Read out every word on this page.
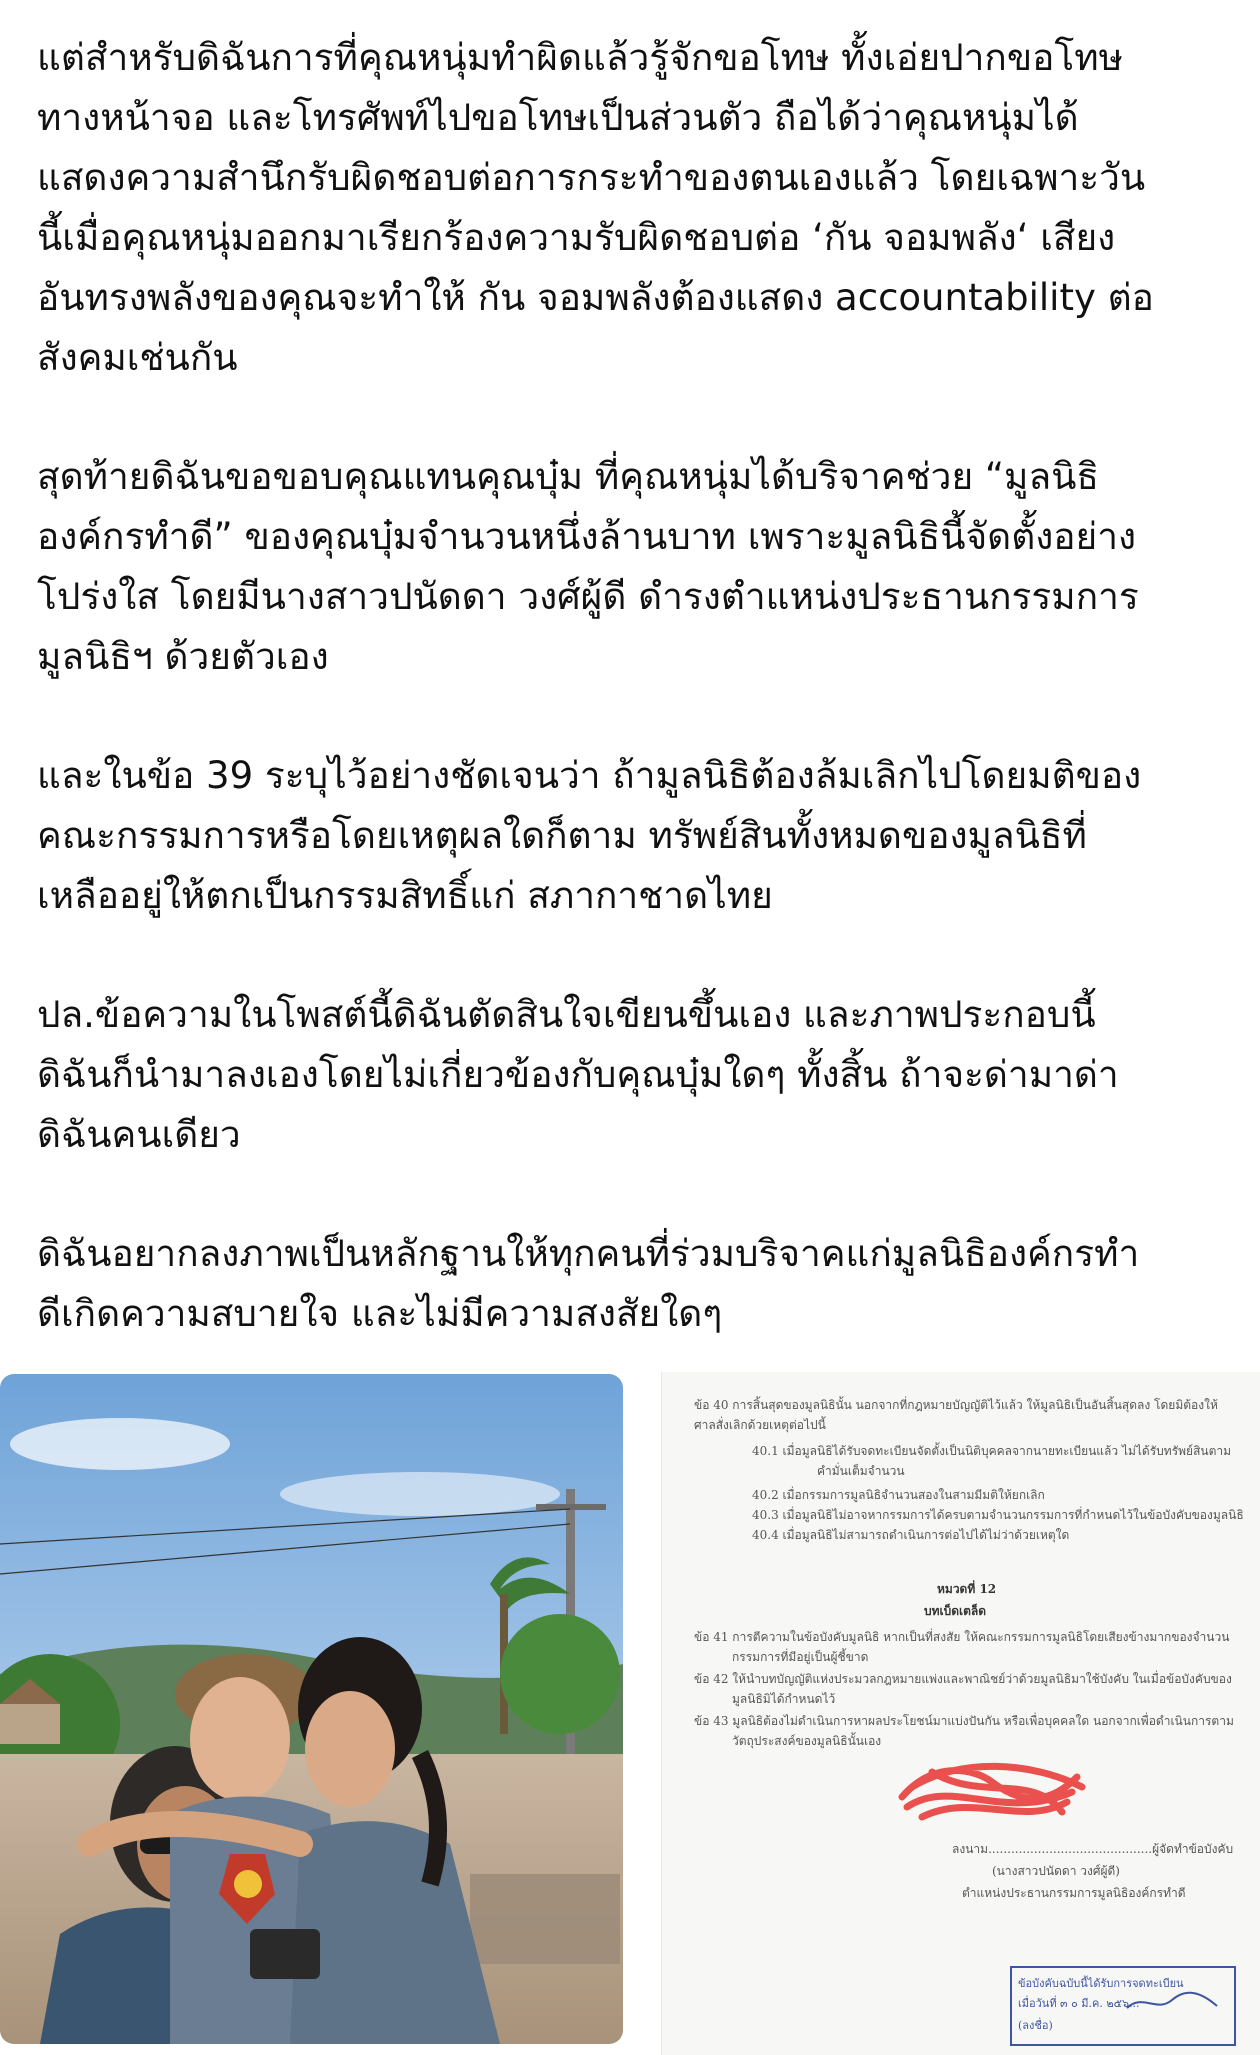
แต่สำหรับดิฉันการที่คุณหนุ่มทำผิดแล้วรู้จักขอโทษ ทั้งเอ่ยปากขอโทษ
ทางหน้าจอ และโทรศัพท์ไปขอโทษเป็นส่วนตัว ถือได้ว่าคุณหนุ่มได้
แสดงความสำนึกรับผิดชอบต่อการกระทำของตนเองแล้ว โดยเฉพาะวัน
นี้เมื่อคุณหนุ่มออกมาเรียกร้องความรับผิดชอบต่อ ‘กัน จอมพลัง‘ เสียง
อันทรงพลังของคุณจะทำให้ กัน จอมพลังต้องแสดง accountability ต่อ
สังคมเช่นกัน

สุดท้ายดิฉันขอขอบคุณแทนคุณบุ๋ม ที่คุณหนุ่มได้บริจาคช่วย “มูลนิธิ
องค์กรทำดี” ของคุณบุ๋มจำนวนหนึ่งล้านบาท เพราะมูลนิธินี้จัดตั้งอย่าง
โปร่งใส โดยมีนางสาวปนัดดา วงศ์ผู้ดี ดำรงตำแหน่งประธานกรรมการ
มูลนิธิฯ ด้วยตัวเอง

และในข้อ 39 ระบุไว้อย่างชัดเจนว่า ถ้ามูลนิธิต้องล้มเลิกไปโดยมติของ
คณะกรรมการหรือโดยเหตุผลใดก็ตาม ทรัพย์สินทั้งหมดของมูลนิธิที่
เหลืออยู่ให้ตกเป็นกรรมสิทธิ์แก่ สภากาชาดไทย

ปล.ข้อความในโพสต์นี้ดิฉันตัดสินใจเขียนขึ้นเอง และภาพประกอบนี้
ดิฉันก็นำมาลงเองโดยไม่เกี่ยวข้องกับคุณบุ๋มใดๆ ทั้งสิ้น ถ้าจะด่ามาด่า
ดิฉันคนเดียว

ดิฉันอยากลงภาพเป็นหลักฐานให้ทุกคนที่ร่วมบริจาคแก่มูลนิธิองค์กรทำ
ดีเกิดความสบายใจ และไม่มีความสงสัยใดๆ

ข้อ 40 การสิ้นสุดของมูลนิธินั้น นอกจากที่กฎหมายบัญญัติไว้แล้ว ให้มูลนิธิเป็นอันสิ้นสุดลง โดยมิต้องให้
ศาลสั่งเลิกด้วยเหตุต่อไปนี้
40.1 เมื่อมูลนิธิได้รับจดทะเบียนจัดตั้งเป็นนิติบุคคลจากนายทะเบียนแล้ว ไม่ได้รับทรัพย์สินตาม
คำมั่นเต็มจำนวน
40.2 เมื่อกรรมการมูลนิธิจำนวนสองในสามมีมติให้ยกเลิก
40.3 เมื่อมูลนิธิไม่อาจหากรรมการได้ครบตามจำนวนกรรมการที่กำหนดไว้ในข้อบังคับของมูลนิธิ
40.4 เมื่อมูลนิธิไม่สามารถดำเนินการต่อไปได้ไม่ว่าด้วยเหตุใด
หมวดที่ 12
บทเบ็ดเตล็ด
ข้อ 41 การตีความในข้อบังคับมูลนิธิ หากเป็นที่สงสัย ให้คณะกรรมการมูลนิธิโดยเสียงข้างมากของจำนวน
กรรมการที่มีอยู่เป็นผู้ชี้ขาด
ข้อ 42 ให้นำบทบัญญัติแห่งประมวลกฎหมายแพ่งและพาณิชย์ว่าด้วยมูลนิธิมาใช้บังคับ ในเมื่อข้อบังคับของ
มูลนิธิมิได้กำหนดไว้
ข้อ 43 มูลนิธิต้องไม่ดำเนินการหาผลประโยชน์มาแบ่งปันกัน หรือเพื่อบุคคลใด นอกจากเพื่อดำเนินการตาม
วัตถุประสงค์ของมูลนิธินั้นเอง
ลงนาม...........................................ผู้จัดทำข้อบังคับ
(นางสาวปนัดดา วงศ์ผู้ดี)
ตำแหน่งประธานกรรมการมูลนิธิองค์กรทำดี
ข้อบังคับฉบับนี้ได้รับการจดทะเบียน
เมื่อวันที่ ๓ ๐ มี.ค. ๒๕๖...
(ลงชื่อ)
